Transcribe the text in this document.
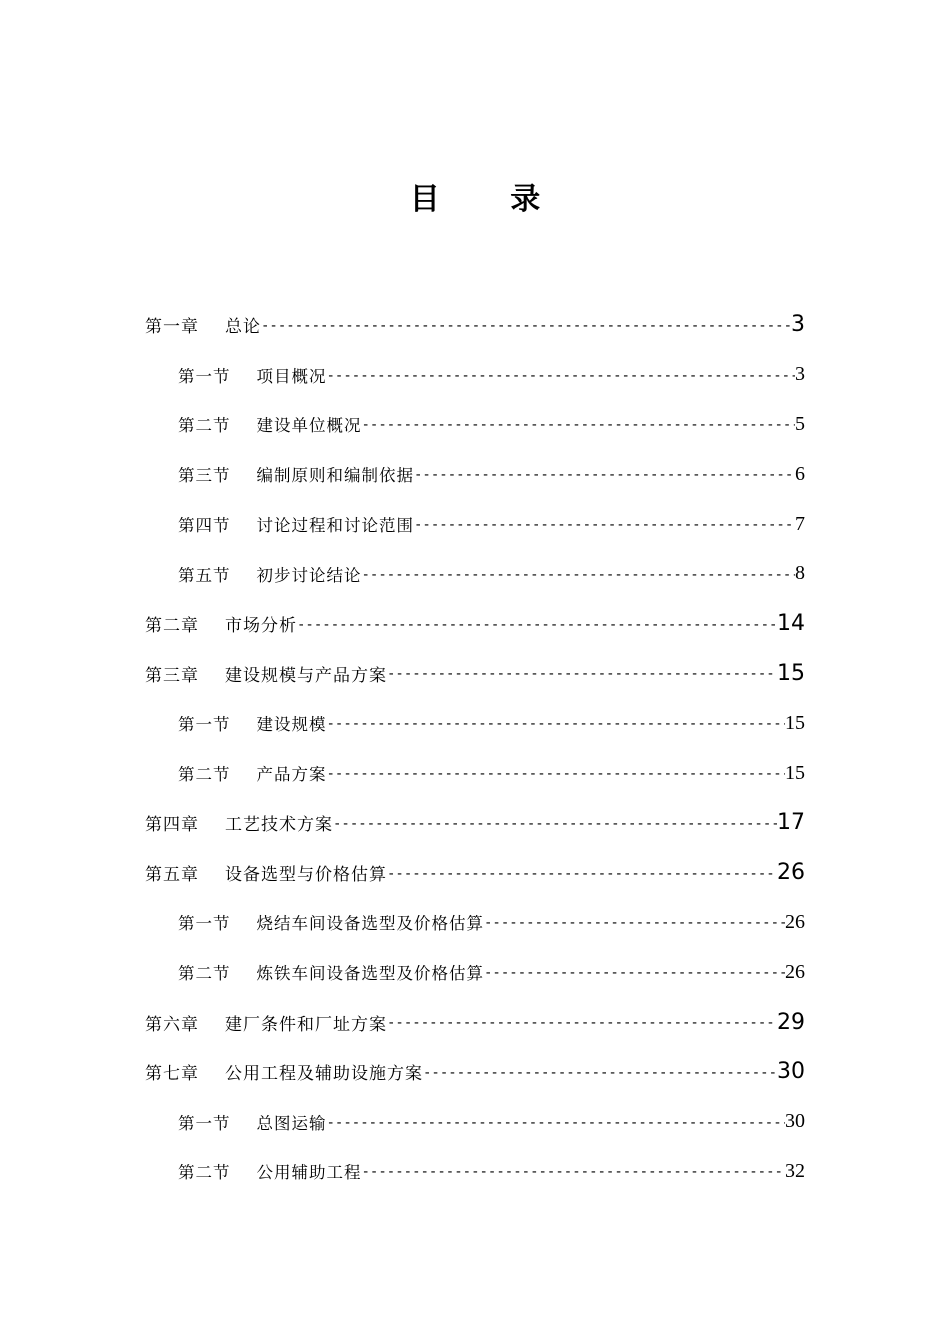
目 录
第一章 总论 -----	3
第一节 项目概况 -----	3
第二节 建设单位概况 -----	5
第三节 编制原则和编制依据 -----	6
第四节 讨论过程和讨论范围 -----	7
第五节 初步讨论结论 -----	8
第二章 市场分析 -----	14
第三章 建设规模与产品方案 -----	15
第一节 建设规模 -----	15
第二节 产品方案 -----	15
第四章 工艺技术方案 -----	17
第五章 设备选型与价格估算 -----	26
第一节 烧结车间设备选型及价格估算 -----	26
第二节 炼铁车间设备选型及价格估算 -----	26
第六章 建厂条件和厂址方案 -----	29
第七章 公用工程及辅助设施方案 -----	30
第一节 总图运输 -----	30
第二节 公用辅助工程 -----	32
